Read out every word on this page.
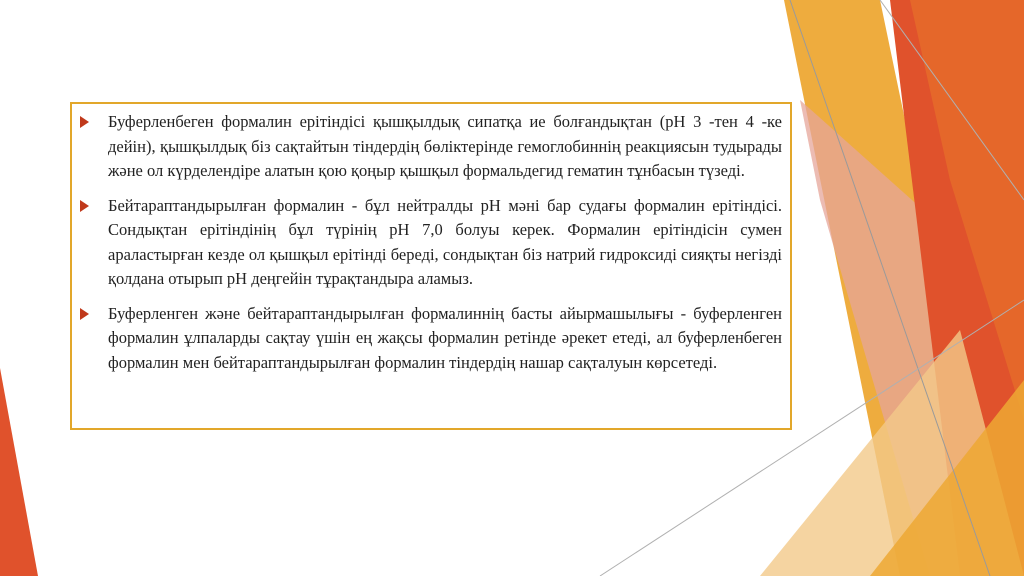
Буферленбеген формалин ерітіндісі қышқылдық сипатқа ие болғандықтан (рН 3 -тен 4 -ке дейін), қышқылдық біз сақтайтын тіндердің бөліктерінде гемоглобиннің реакциясын тудырады және ол күрделендіре алатын қою қоңыр қышқыл формальдегид гематин тұнбасын түзеді.
Бейтараптандырылған формалин - бұл нейтралды рН мәні бар судағы формалин ерітіндісі. Сондықтан ерітіндінің бұл түрінің рН 7,0 болуы керек. Формалин ерітіндісін сумен араластырған кезде ол қышқыл ерітінді береді, сондықтан біз натрий гидроксиді сияқты негізді қолдана отырып рН деңгейін тұрақтандыра аламыз.
Буферленген және бейтараптандырылған формалиннің басты айырмашылығы - буферленген формалин ұлпаларды сақтау үшін ең жақсы формалин ретінде әрекет етеді, ал буферленбеген формалин мен бейтараптандырылған формалин тіндердің нашар сақталуын көрсетеді.
